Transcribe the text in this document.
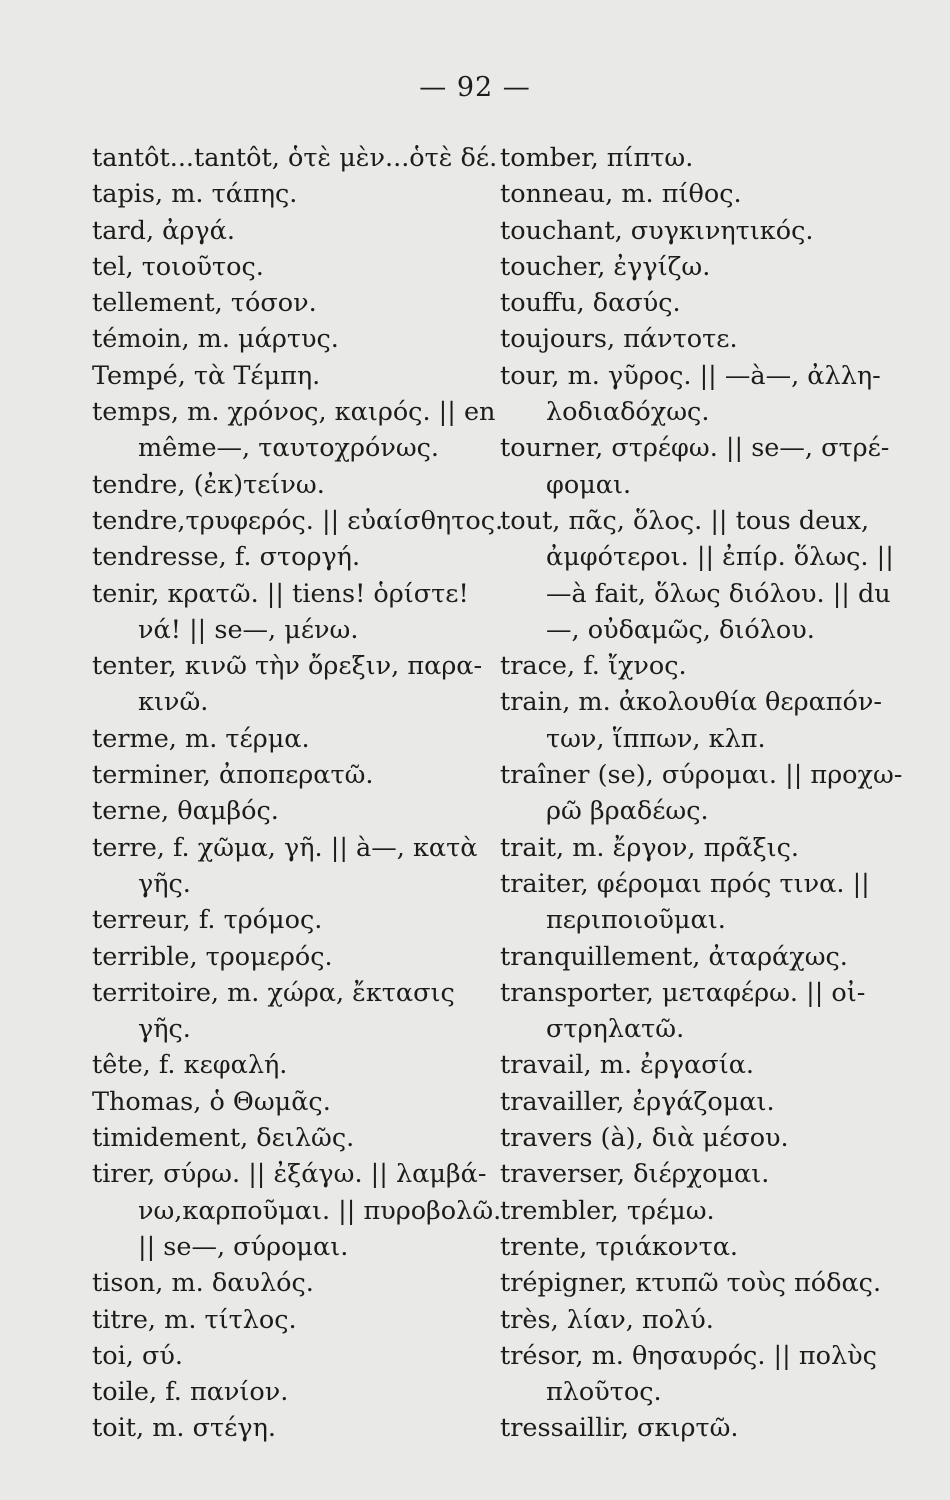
— 92 —
tantôt...tantôt, ὁτὲ μὲν...ὁτὲ δέ.
tapis, m. τάπης.
tard, ἀργά.
tel, τοιοῦτος.
tellement, τόσον.
témoin, m. μάρτυς.
Tempé, τὰ Τέμπη.
temps, m. χρόνος, καιρός. || en
même—, ταυτοχρόνως.
tendre, (ἐκ)τείνω.
tendre,τρυφερός. || εὐαίσθητος.
tendresse, f. στοργή.
tenir, κρατῶ. || tiens! ὁρίστε!
νά! || se—, μένω.
tenter, κινῶ τὴν ὄρεξιν, παρα-
κινῶ.
terme, m. τέρμα.
terminer, ἀποπερατῶ.
terne, θαμβός.
terre, f. χῶμα, γῆ. || à—, κατὰ
γῆς.
terreur, f. τρόμος.
terrible, τρομερός.
territoire, m. χώρα, ἔκτασις
γῆς.
tête, f. κεφαλή.
Thomas, ὁ Θωμᾶς.
timidement, δειλῶς.
tirer, σύρω. || ἐξάγω. || λαμβά-
νω,καρποῦμαι. || πυροβολῶ.
|| se—, σύρομαι.
tison, m. δαυλός.
titre, m. τίτλος.
toi, σύ.
toile, f. πανίον.
toit, m. στέγη.
tomber, πίπτω.
tonneau, m. πίθος.
touchant, συγκινητικός.
toucher, ἐγγίζω.
touffu, δασύς.
toujours, πάντοτε.
tour, m. γῦρος. || —à—, ἀλλη-
λοδιαδόχως.
tourner, στρέφω. || se—, στρέ-
φομαι.
tout, πᾶς, ὅλος. || tous deux,
ἀμφότεροι. || ἐπίρ. ὅλως. ||
—à fait, ὅλως διόλου. || du
—, οὐδαμῶς, διόλου.
trace, f. ἴχνος.
train, m. ἀκολουθία θεραπόν-
των, ἵππων, κλπ.
traîner (se), σύρομαι. || προχω-
ρῶ βραδέως.
trait, m. ἔργον, πρᾶξις.
traiter, φέρομαι πρός τινα. ||
περιποιοῦμαι.
tranquillement, ἀταράχως.
transporter, μεταφέρω. || οἰ-
στρηλατῶ.
travail, m. ἐργασία.
travailler, ἐργάζομαι.
travers (à), διὰ μέσου.
traverser, διέρχομαι.
trembler, τρέμω.
trente, τριάκοντα.
trépigner, κτυπῶ τοὺς πόδας.
très, λίαν, πολύ.
trésor, m. θησαυρός. || πολὺς
πλοῦτος.
tressaillir, σκιρτῶ.
